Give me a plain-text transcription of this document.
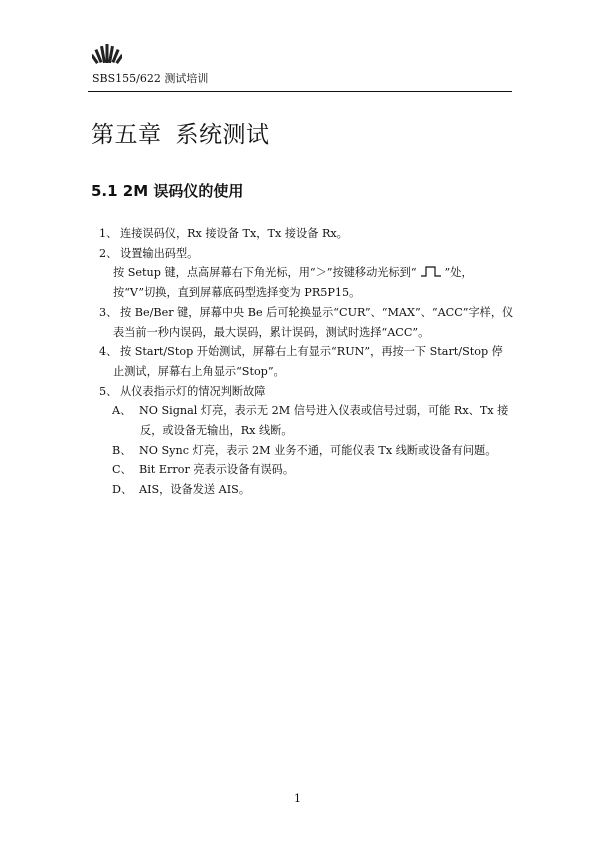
SBS155/622 测试培训
第五章 系统测试
5.1 2M 误码仪的使用
1、 连接误码仪，Rx 接设备 Tx，Tx 接设备 Rx。
2、 设置输出码型。
按 Setup 键，点高屏幕右下角光标，用“＞”按键移动光标到“	”处，
按“V”切换，直到屏幕底码型选择变为 PR5P15。
3、 按 Be/Ber 键，屏幕中央 Be 后可轮换显示“CUR”、“MAX”、“ACC”字样，仪
表当前一秒内误码，最大误码，累计误码，测试时选择“ACC”。
4、 按 Start/Stop 开始测试，屏幕右上有显示“RUN”，再按一下 Start/Stop 停
止测试，屏幕右上角显示“Stop”。
5、 从仪表指示灯的情况判断故障
A、 NO Signal 灯亮，表示无 2M 信号进入仪表或信号过弱，可能 Rx、Tx 接
反，或设备无输出，Rx 线断。
B、 NO Sync 灯亮，表示 2M 业务不通，可能仪表 Tx 线断或设备有问题。
C、 Bit Error 亮表示设备有误码。
D、 AIS，设备发送 AIS。
1
